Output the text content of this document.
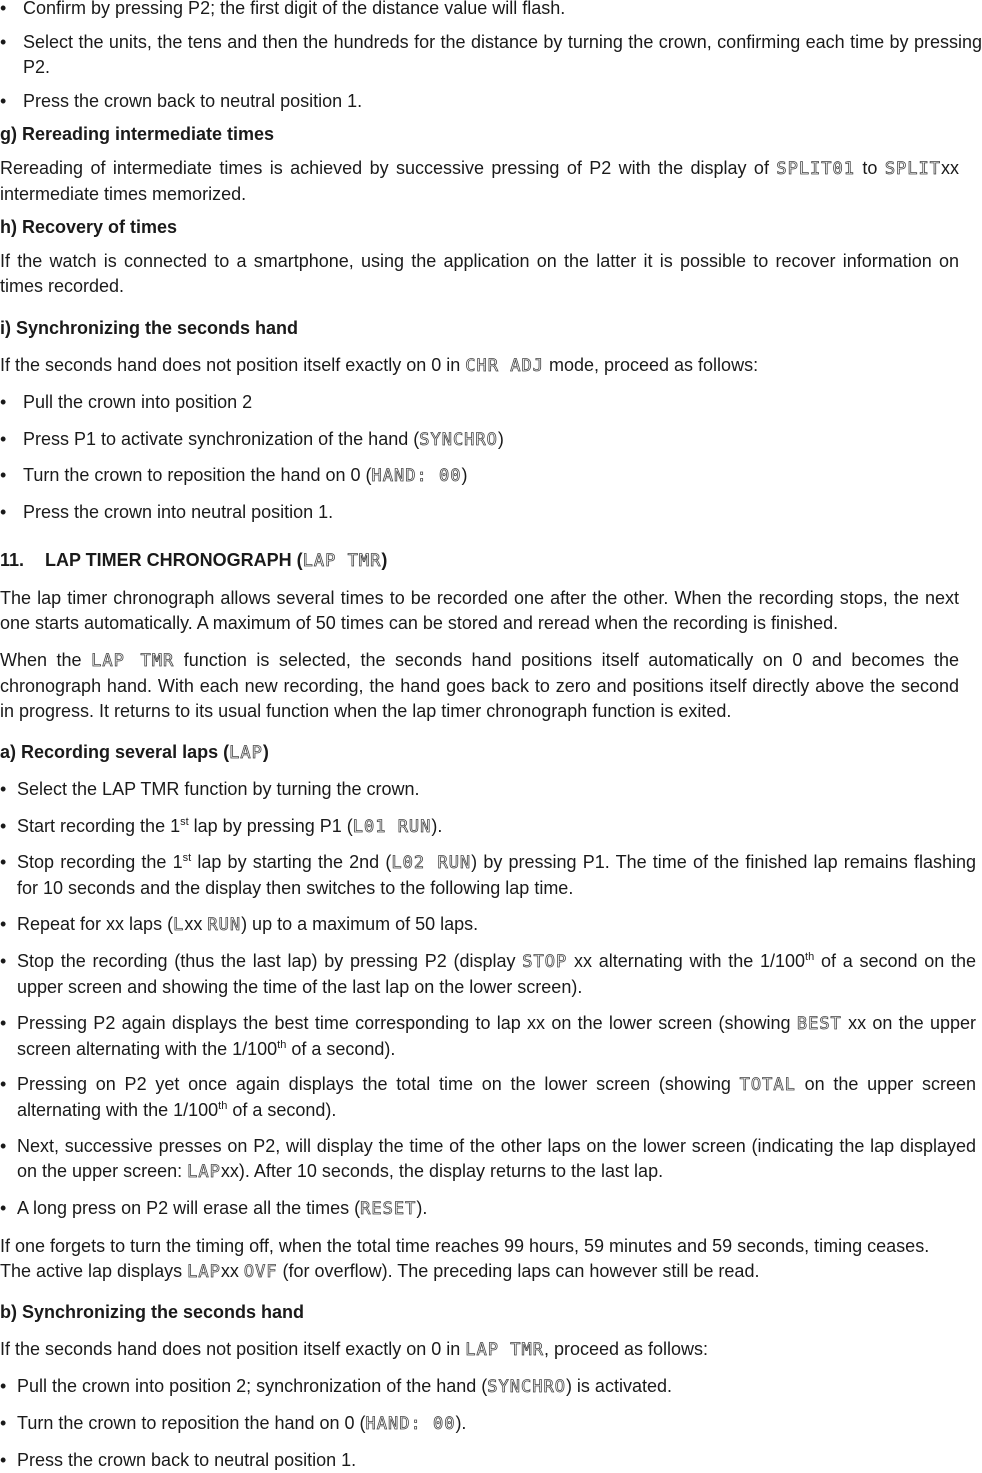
• Confirm by pressing P2; the first digit of the distance value will flash.

• Select the units, the tens and then the hundreds for the distance by turning the crown, confirming each time by pressing P2.

• Press the crown back to neutral position 1.

g) Rereading intermediate times

Rereading of intermediate times is achieved by successive pressing of P2 with the display of SPLIT01 to SPLITxx intermediate times memorized.

h) Recovery of times

If the watch is connected to a smartphone, using the application on the latter it is possible to recover information on times recorded.

i) Synchronizing the seconds hand

If the seconds hand does not position itself exactly on 0 in CHR ADJ mode, proceed as follows:

• Pull the crown into position 2

• Press P1 to activate synchronization of the hand (SYNCHRO)

• Turn the crown to reposition the hand on 0 (HAND: 00)

• Press the crown into neutral position 1.

11. LAP TIMER CHRONOGRAPH (LAP TMR)

The lap timer chronograph allows several times to be recorded one after the other. When the recording stops, the next one starts automatically. A maximum of 50 times can be stored and reread when the recording is finished.

When the LAP TMR function is selected, the seconds hand positions itself automatically on 0 and becomes the chronograph hand. With each new recording, the hand goes back to zero and positions itself directly above the second in progress. It returns to its usual function when the lap timer chronograph function is exited.

a) Recording several laps (LAP)

• Select the LAP TMR function by turning the crown.

• Start recording the 1st lap by pressing P1 (L01 RUN).

• Stop recording the 1st lap by starting the 2nd (L02 RUN) by pressing P1. The time of the finished lap remains flashing for 10 seconds and the display then switches to the following lap time.

• Repeat for xx laps (Lxx RUN) up to a maximum of 50 laps.

• Stop the recording (thus the last lap) by pressing P2 (display STOP xx alternating with the 1/100th of a second on the upper screen and showing the time of the last lap on the lower screen).

• Pressing P2 again displays the best time corresponding to lap xx on the lower screen (showing BEST xx on the upper screen alternating with the 1/100th of a second).

• Pressing on P2 yet once again displays the total time on the lower screen (showing TOTAL on the upper screen alternating with the 1/100th of a second).

• Next, successive presses on P2, will display the time of the other laps on the lower screen (indicating the lap displayed on the upper screen: LAPxx). After 10 seconds, the display returns to the last lap.

• A long press on P2 will erase all the times (RESET).

If one forgets to turn the timing off, when the total time reaches 99 hours, 59 minutes and 59 seconds, timing ceases. The active lap displays LAPxx OVF (for overflow). The preceding laps can however still be read.

b) Synchronizing the seconds hand

If the seconds hand does not position itself exactly on 0 in LAP TMR, proceed as follows:

• Pull the crown into position 2; synchronization of the hand (SYNCHRO) is activated.

• Turn the crown to reposition the hand on 0 (HAND: 00).

• Press the crown back to neutral position 1.
